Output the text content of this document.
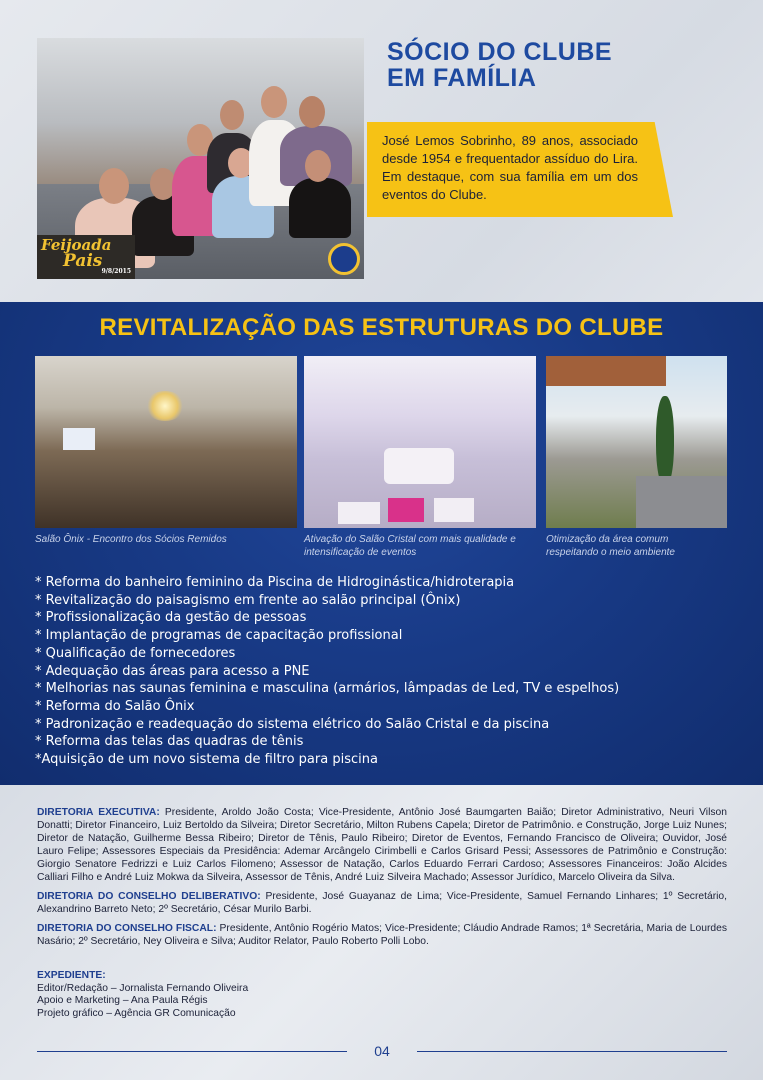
Feijoada
Pais
9/8/2015
SÓCIO DO CLUBE
EM FAMÍLIA
José Lemos Sobrinho, 89 anos, associado desde 1954 e frequentador assíduo do Lira. Em destaque, com sua família em um dos eventos do Clube.
REVITALIZAÇÃO DAS ESTRUTURAS DO CLUBE
Salão Ônix - Encontro dos Sócios Remidos	Ativação do Salão Cristal com mais qualidade e intensificação de eventos
Otimização da área comum respeitando o meio ambiente
* Reforma do banheiro feminino da Piscina de Hidroginástica/hidroterapia
* Revitalização do paisagismo em frente ao salão principal (Ônix)
* Profissionalização da gestão de pessoas
* Implantação de programas de capacitação profissional
* Qualificação de fornecedores
* Adequação das áreas para acesso a PNE
* Melhorias nas saunas feminina e masculina (armários, lâmpadas de Led, TV e espelhos)
* Reforma do Salão Ônix
* Padronização e readequação do sistema elétrico do Salão Cristal e da piscina
* Reforma das telas das quadras de tênis
*Aquisição de um novo sistema de filtro para piscina

DIRETORIA EXECUTIVA: Presidente, Aroldo João Costa; Vice-Presidente, Antônio José Baumgarten Baião; Diretor Administrativo, Neuri Vilson Donatti; Diretor Financeiro, Luiz Bertoldo da Silveira; Diretor Secretário, Milton Rubens Capela; Diretor de Patrimônio. e Construção, Jorge Luiz Nunes; Diretor de Natação, Guilherme Bessa Ribeiro; Diretor de Tênis, Paulo Ribeiro; Diretor de Eventos, Fernando Francisco de Oliveira; Ouvidor, José Lauro Felipe; Assessores Especiais da Presidência: Ademar Arcângelo Cirimbelli e Carlos Grisard Pessi; Assessores de Patrimônio e Construção: Giorgio Senatore Fedrizzi e Luiz Carlos Filomeno; Assessor de Natação, Carlos Eduardo Ferrari Cardoso; Assessores Financeiros: João Alcides Calliari Filho e André Luiz Mokwa da Silveira, Assessor de Tênis, André Luiz Silveira Machado; Assessor Jurídico, Marcelo Oliveira da Silva.

DIRETORIA DO CONSELHO DELIBERATIVO: Presidente, José Guayanaz de Lima; Vice-Presidente, Samuel Fernando Linhares; 1º Secretário, Alexandrino Barreto Neto; 2º Secretário, César Murilo Barbi.

DIRETORIA DO CONSELHO FISCAL: Presidente, Antônio Rogério Matos; Vice-Presidente; Cláudio Andrade Ramos; 1ª Secretária, Maria de Lourdes Nasário; 2º Secretário, Ney Oliveira e Silva; Auditor Relator, Paulo Roberto Polli Lobo.

EXPEDIENTE:
Editor/Redação – Jornalista Fernando Oliveira
Apoio e Marketing – Ana Paula Régis
Projeto gráfico – Agência GR Comunicação
04
